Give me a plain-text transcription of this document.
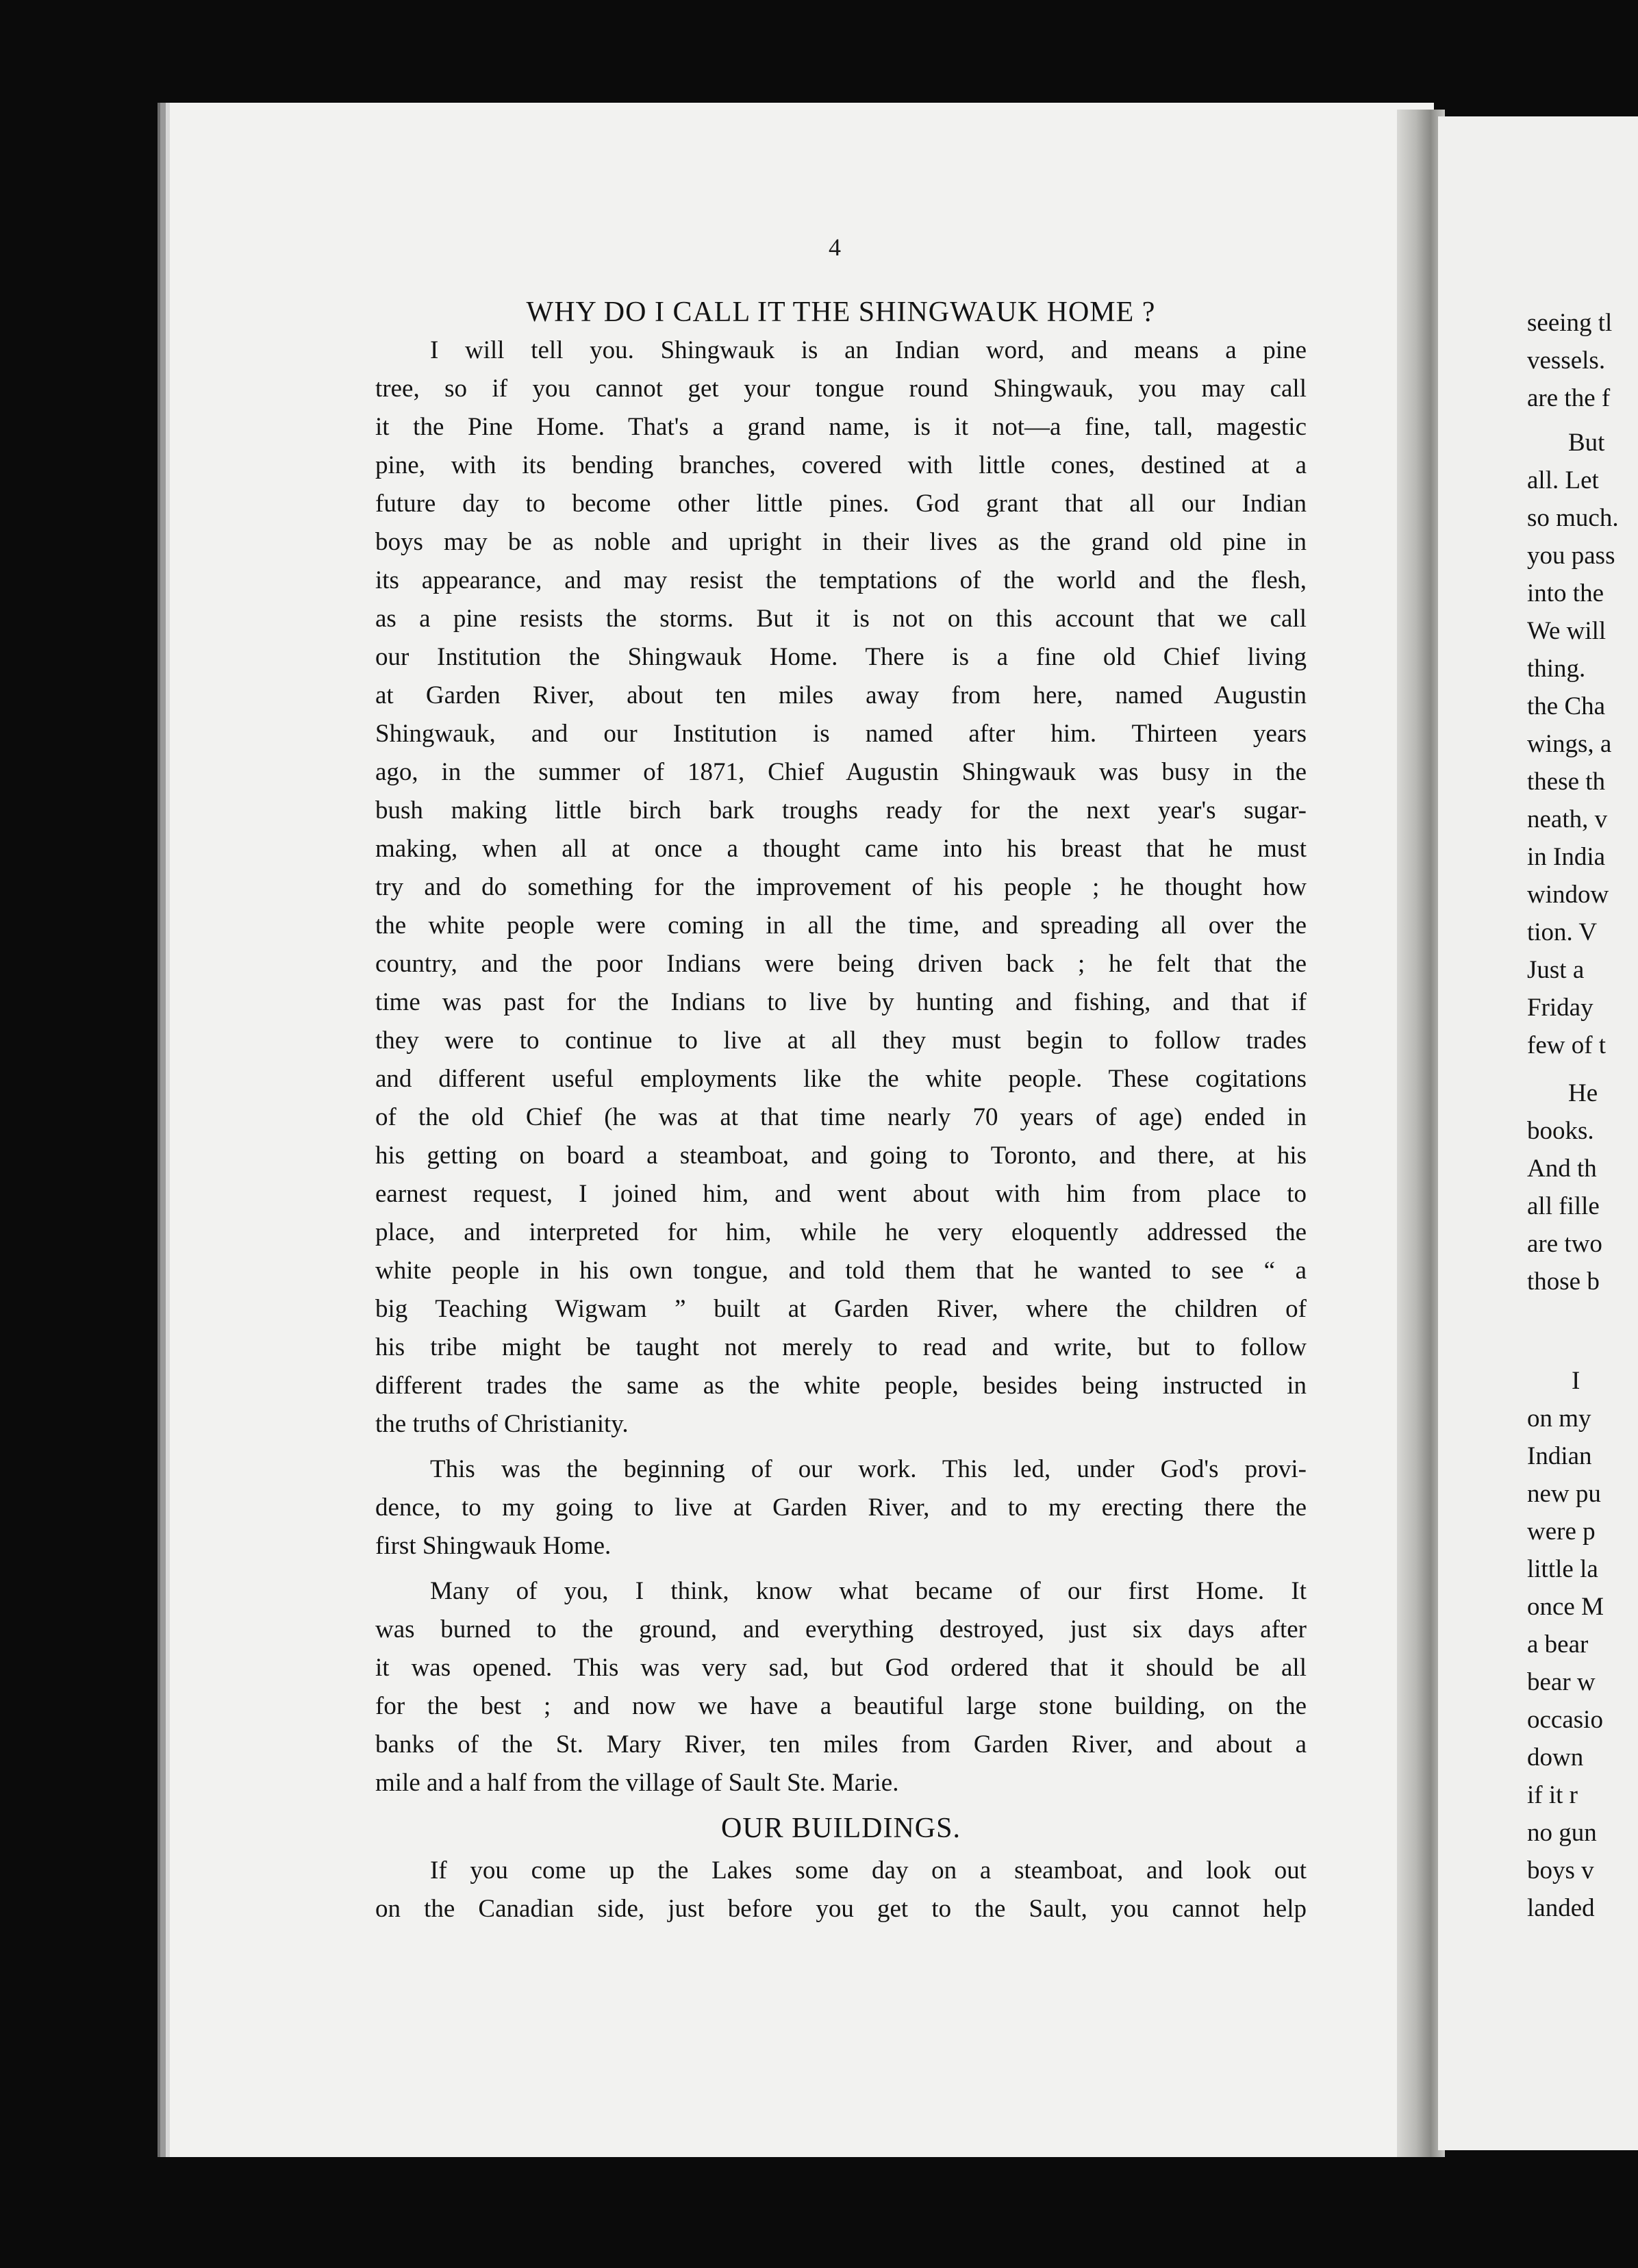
seeing tl
vessels.
are the f
But
all. Let
so much.
you pass
into the
We will
thing.
the Cha
wings, a
these th
neath, v
in India
window
tion. V
Just a
Friday
few of t
He
books.
And th
all fille
are two
those b
I
on my
Indian
new pu
were p
little la
once M
a bear
bear w
occasio
down
if it r
no gun
boys v
landed
4
WHY DO I CALL IT THE SHINGWAUK HOME ?
I will tell you. Shingwauk is an Indian word, and means a pine
tree, so if you cannot get your tongue round Shingwauk, you may call
it the Pine Home. That's a grand name, is it not—a fine, tall, magestic
pine, with its bending branches, covered with little cones, destined at a
future day to become other little pines. God grant that all our Indian
boys may be as noble and upright in their lives as the grand old pine in
its appearance, and may resist the temptations of the world and the flesh,
as a pine resists the storms. But it is not on this account that we call
our Institution the Shingwauk Home. There is a fine old Chief living
at Garden River, about ten miles away from here, named Augustin
Shingwauk, and our Institution is named after him. Thirteen years
ago, in the summer of 1871, Chief Augustin Shingwauk was busy in the
bush making little birch bark troughs ready for the next year's sugar-
making, when all at once a thought came into his breast that he must
try and do something for the improvement of his people ; he thought how
the white people were coming in all the time, and spreading all over the
country, and the poor Indians were being driven back ; he felt that the
time was past for the Indians to live by hunting and fishing, and that if
they were to continue to live at all they must begin to follow trades
and different useful employments like the white people. These cogitations
of the old Chief (he was at that time nearly 70 years of age) ended in
his getting on board a steamboat, and going to Toronto, and there, at his
earnest request, I joined him, and went about with him from place to
place, and interpreted for him, while he very eloquently addressed the
white people in his own tongue, and told them that he wanted to see “ a
big Teaching Wigwam ” built at Garden River, where the children of
his tribe might be taught not merely to read and write, but to follow
different trades the same as the white people, besides being instructed in
the truths of Christianity.
This was the beginning of our work. This led, under God's provi-
dence, to my going to live at Garden River, and to my erecting there the
first Shingwauk Home.
Many of you, I think, know what became of our first Home. It
was burned to the ground, and everything destroyed, just six days after
it was opened. This was very sad, but God ordered that it should be all
for the best ; and now we have a beautiful large stone building, on the
banks of the St. Mary River, ten miles from Garden River, and about a
mile and a half from the village of Sault Ste. Marie.
OUR BUILDINGS.
If you come up the Lakes some day on a steamboat, and look out
on the Canadian side, just before you get to the Sault, you cannot help
